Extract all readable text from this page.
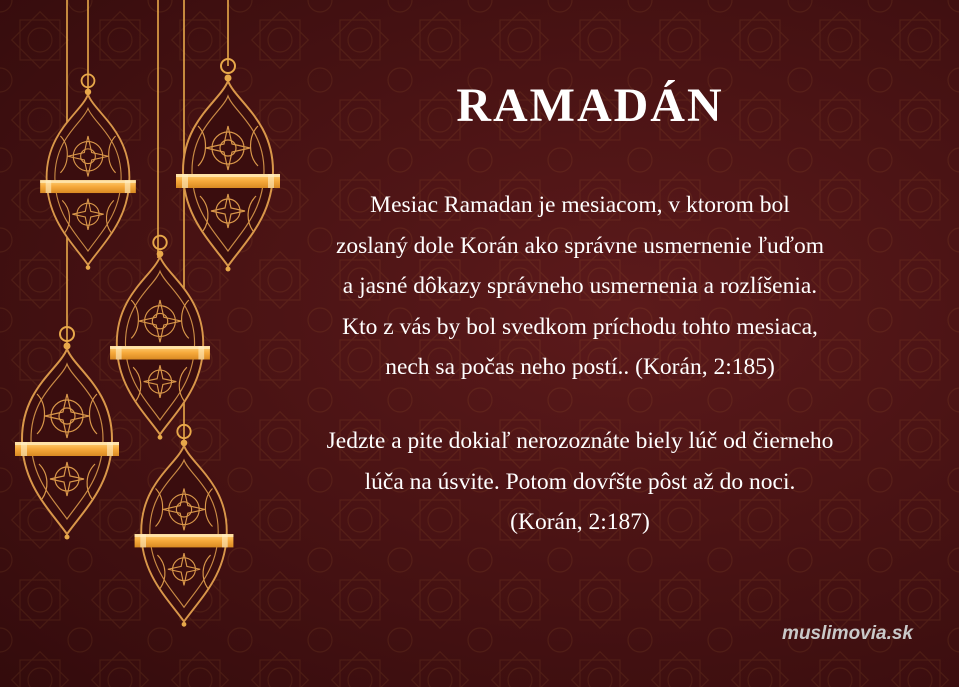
RAMADÁN

Mesiac Ramadan je mesiacom, v ktorom bol
zoslaný dole Korán ako správne usmernenie ľuďom
a jasné dôkazy správneho usmernenia a rozlíšenia.
Kto z vás by bol svedkom príchodu tohto mesiaca,
nech sa počas neho postí.. (Korán, 2:185)

Jedzte a pite dokiaľ nerozoznáte biely lúč od čierneho
lúča na úsvite. Potom dovŕšte pôst až do noci.
(Korán, 2:187)

muslimovia.sk
